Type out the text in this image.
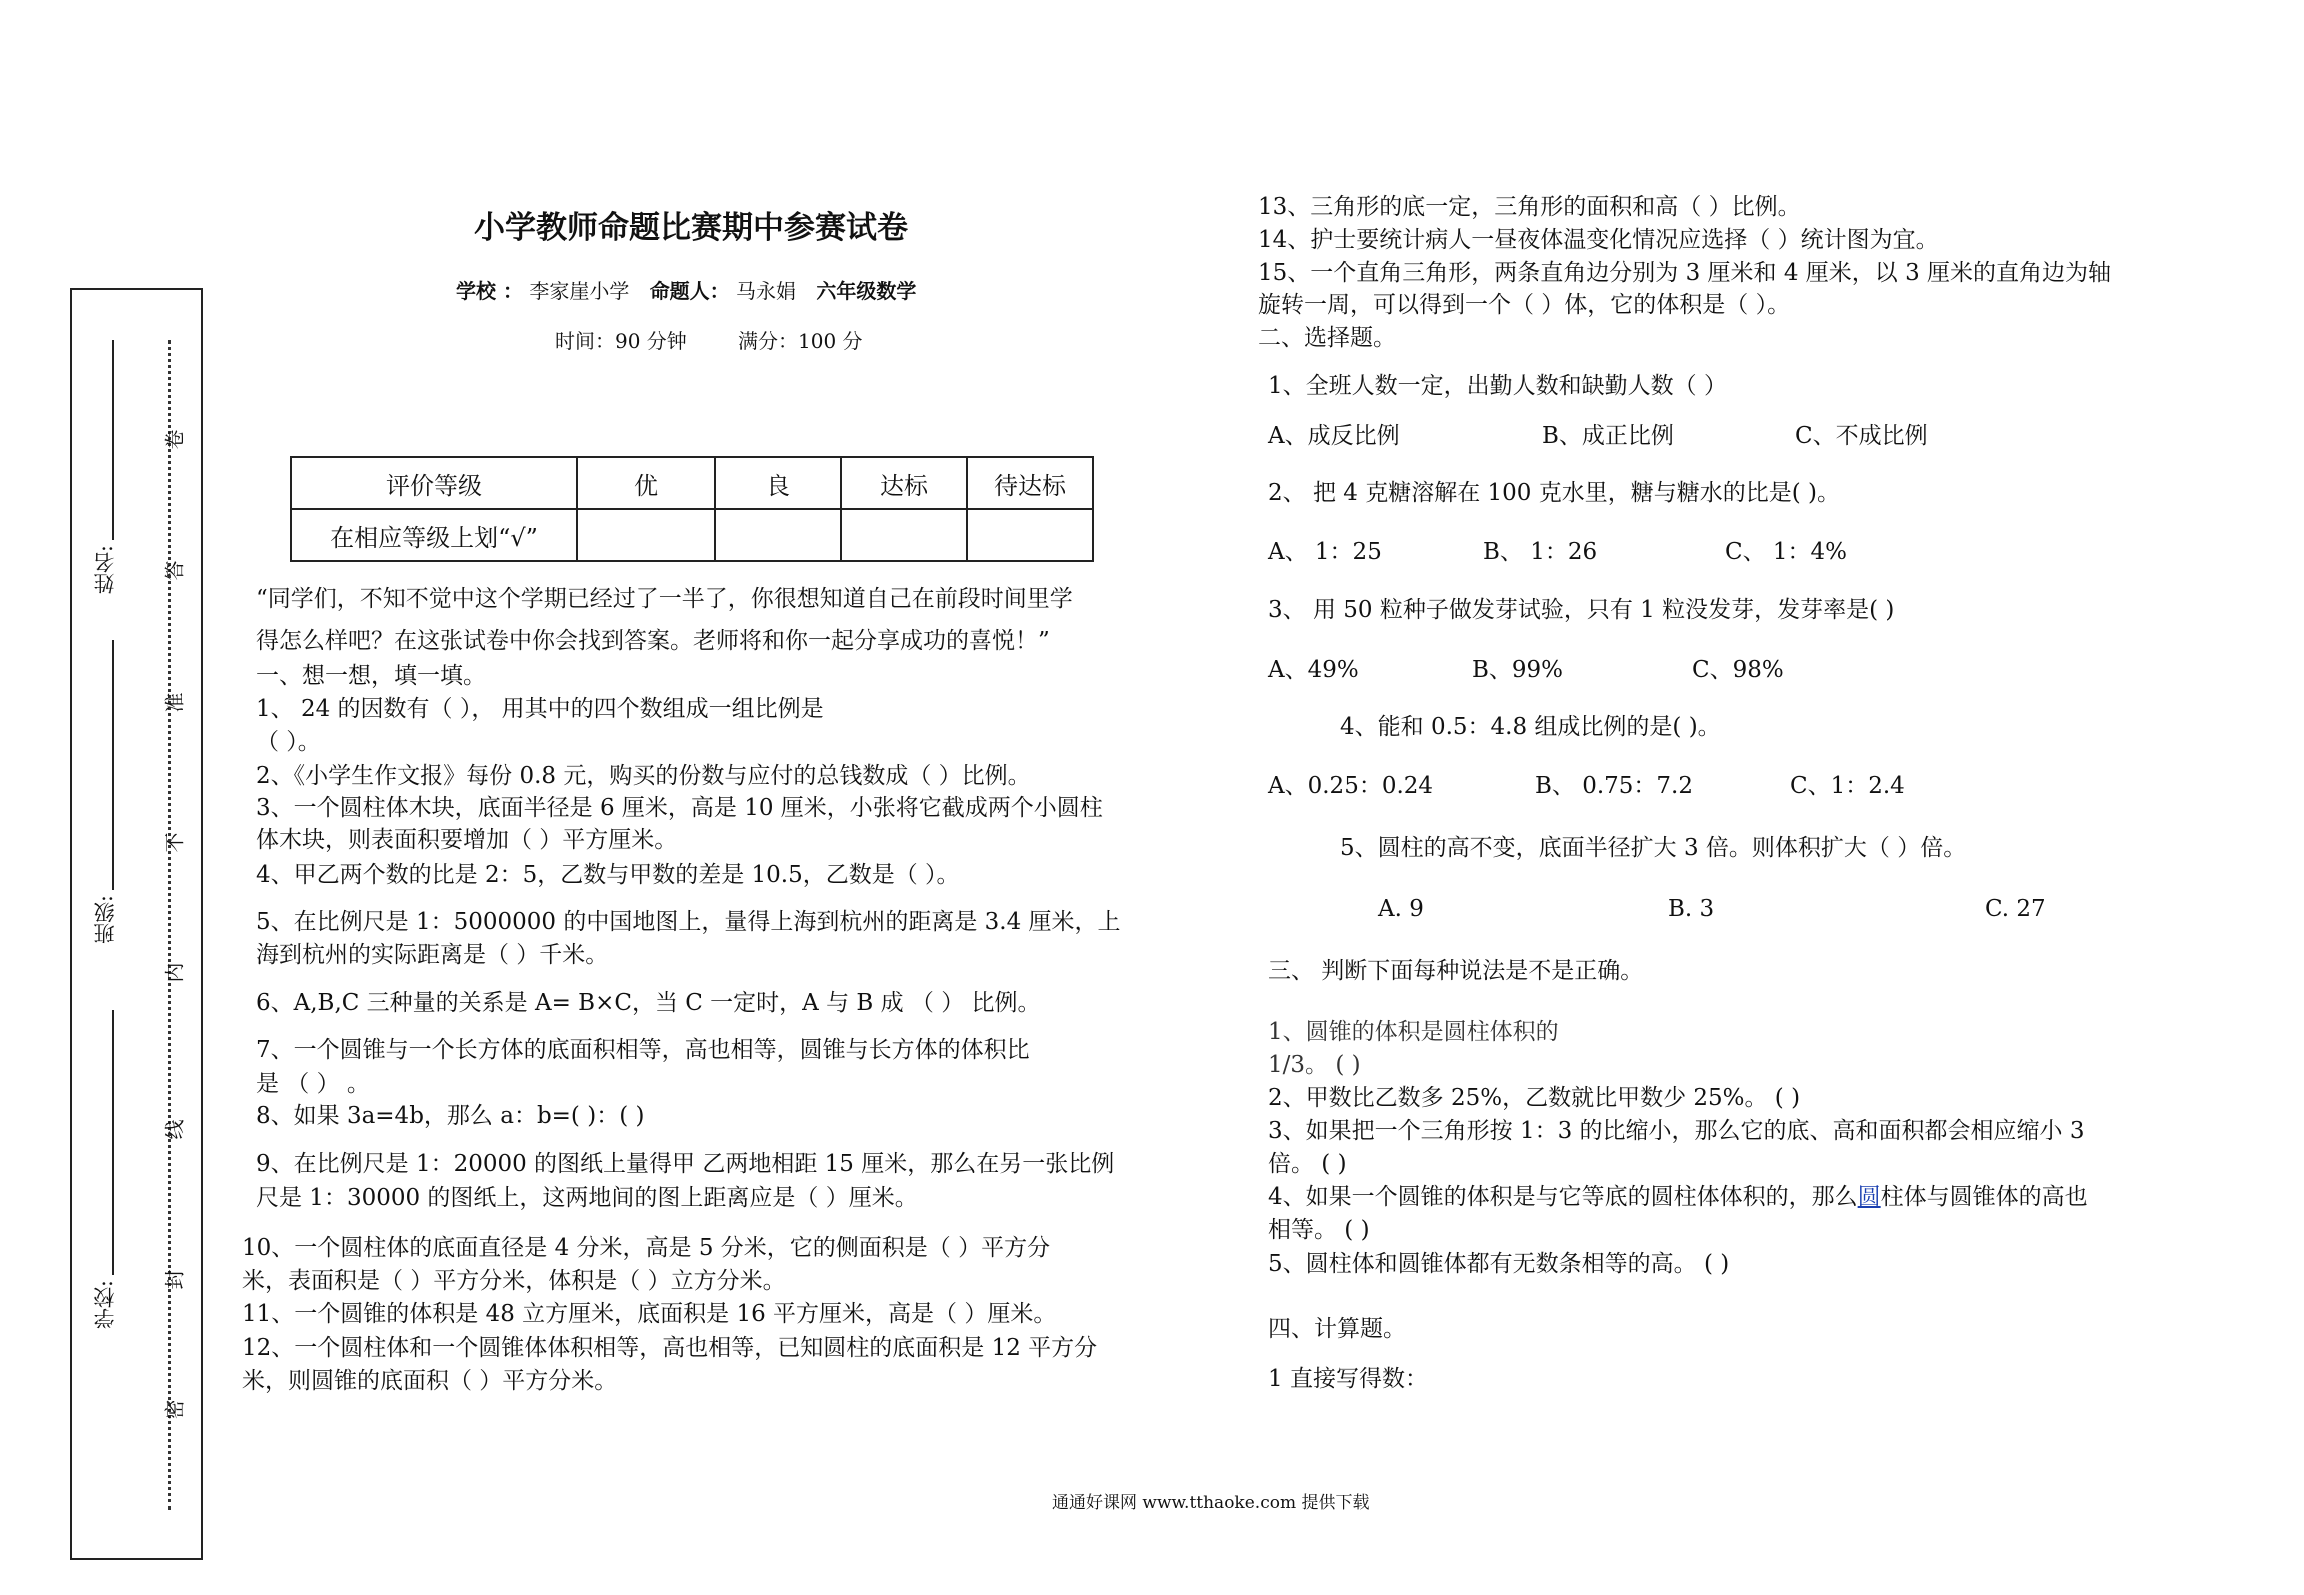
小学教师命题比赛期中参赛试卷
学校 ： 李家崖小学 命题人： 马永娟 六年级数学
时间：90 分钟	满分：100 分
姓名:
班级:
学校:
密
封
线
内
不
准
答
卷
评价等级	优	良	达标	待达标
在相应等级上划“√”				
“同学们，不知不觉中这个学期已经过了一半了，你很想知道自己在前段时间里学
得怎么样吧？在这张试卷中你会找到答案。老师将和你一起分享成功的喜悦！”
一、想一想，填一填。
1、 24 的因数有（ ）， 用其中的四个数组成一组比例是
（ ）。
2、《小学生作文报》每份 0.8 元，购买的份数与应付的总钱数成（ ）比例。
3、一个圆柱体木块，底面半径是 6 厘米，高是 10 厘米，小张将它截成两个小圆柱
体木块，则表面积要增加（ ）平方厘米。
4、甲乙两个数的比是 2：5，乙数与甲数的差是 10.5，乙数是（ ）。
5、在比例尺是 1：5000000 的中国地图上，量得上海到杭州的距离是 3.4 厘米，上
海到杭州的实际距离是（ ）千米。
6、A,B,C 三种量的关系是 A= B×C，当 C 一定时，A 与 B 成 （ ） 比例。
7、一个圆锥与一个长方体的底面积相等，高也相等，圆锥与长方体的体积比
是 （ ） 。
8、如果 3a=4b，那么 a：b=( )：( )
9、在比例尺是 1：20000 的图纸上量得甲 乙两地相距 15 厘米，那么在另一张比例
尺是 1：30000 的图纸上，这两地间的图上距离应是（ ）厘米。
10、一个圆柱体的底面直径是 4 分米，高是 5 分米，它的侧面积是（ ）平方分
米，表面积是（ ）平方分米，体积是（ ）立方分米。
11、一个圆锥的体积是 48 立方厘米，底面积是 16 平方厘米，高是（ ）厘米。
12、一个圆柱体和一个圆锥体体积相等，高也相等，已知圆柱的底面积是 12 平方分
米，则圆锥的底面积（ ）平方分米。
13、三角形的底一定，三角形的面积和高（ ）比例。
14、护士要统计病人一昼夜体温变化情况应选择（ ）统计图为宜。
15、一个直角三角形，两条直角边分别为 3 厘米和 4 厘米，以 3 厘米的直角边为轴
旋转一周，可以得到一个（ ）体，它的体积是（ ）。
二、选择题。
1、全班人数一定，出勤人数和缺勤人数（ ）
A、成反比例	B、成正比例	C、不成比例
2、 把 4 克糖溶解在 100 克水里，糖与糖水的比是( )。
A、 1：25	B、 1：26	C、 1：4%
3、 用 50 粒种子做发芽试验，只有 1 粒没发芽，发芽率是( )
A、49%	B、99%	C、98%
4、能和 0.5：4.8 组成比例的是( )。
A、0.25：0.24	B、 0.75：7.2	C、1：2.4
5、圆柱的高不变，底面半径扩大 3 倍。则体积扩大（ ）倍。
A. 9	B. 3	C. 27
三、 判断下面每种说法是不是正确。
1、圆锥的体积是圆柱体积的
1/3。 ( )
2、甲数比乙数多 25%，乙数就比甲数少 25%。 ( )
3、如果把一个三角形按 1：3 的比缩小，那么它的底、高和面积都会相应缩小 3
倍。 ( )
4、如果一个圆锥的体积是与它等底的圆柱体体积的，那么圆柱体与圆锥体的高也
相等。 ( )
5、圆柱体和圆锥体都有无数条相等的高。 ( )
四、计算题。
1 直接写得数：
通通好课网 www.tthaoke.com 提供下载
